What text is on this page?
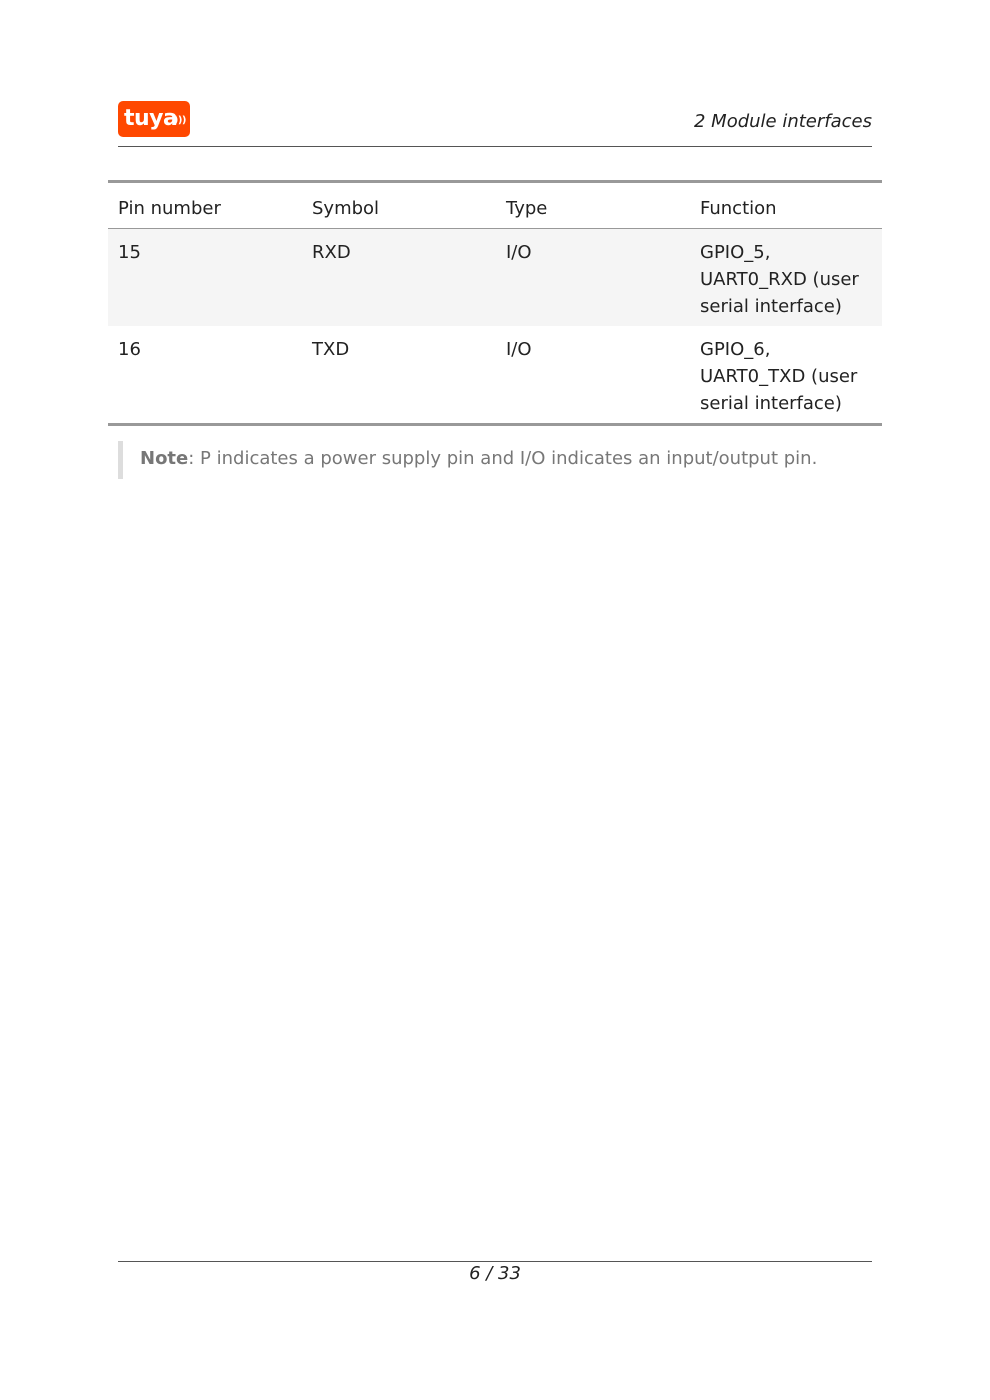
tuya
)))	2 Module interfaces
Pin number	Symbol	Type	Function
15	RXD	I/O	GPIO_5, UART0_RXD (user serial interface)
16	TXD	I/O	GPIO_6, UART0_TXD (user serial interface)
Note: P indicates a power supply pin and I/O indicates an input/output pin.
6 / 33
